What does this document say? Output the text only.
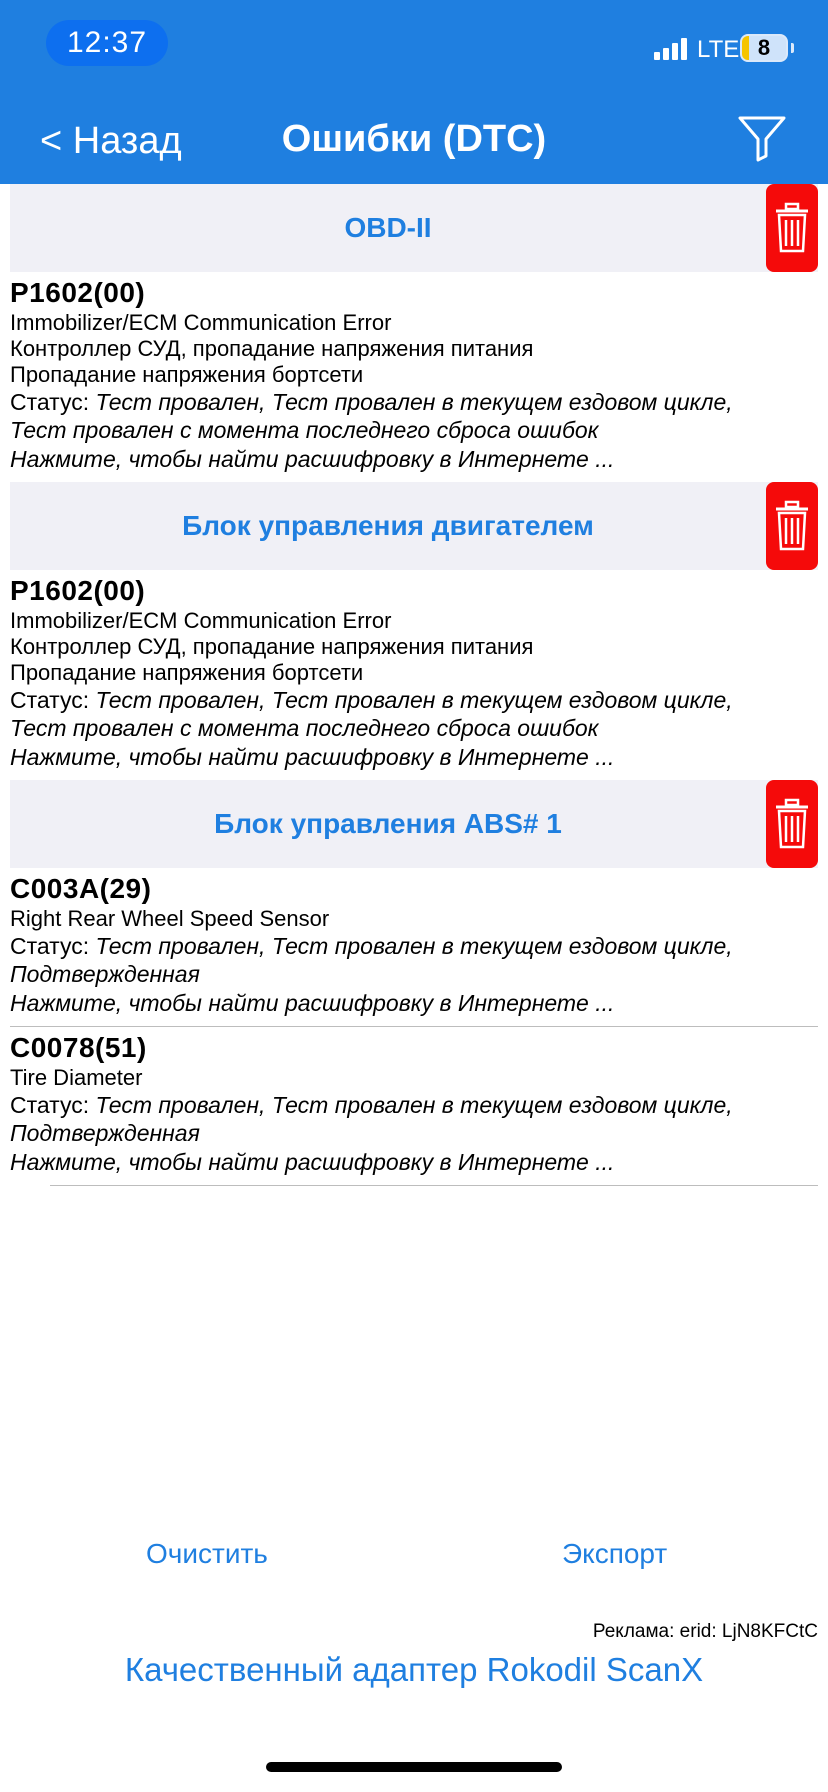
12:37	LTE 8
< Назад	Ошибки (DTC)
OBD-II
P1602(00)
Immobilizer/ECM Communication Error
Контроллер СУД, пропадание напряжения питания
Пропадание напряжения бортсети
Статус: Тест провален, Тест провален в текущем ездовом цикле,
Тест провален с момента последнего сброса ошибок
Нажмите, чтобы найти расшифровку в Интернете ...
Блок управления двигателем
P1602(00)
Immobilizer/ECM Communication Error
Контроллер СУД, пропадание напряжения питания
Пропадание напряжения бортсети
Статус: Тест провален, Тест провален в текущем ездовом цикле,
Тест провален с момента последнего сброса ошибок
Нажмите, чтобы найти расшифровку в Интернете ...
Блок управления ABS# 1
C003A(29)
Right Rear Wheel Speed Sensor
Статус: Тест провален, Тест провален в текущем ездовом цикле,
Подтвержденная
Нажмите, чтобы найти расшифровку в Интернете ...
C0078(51)
Tire Diameter
Статус: Тест провален, Тест провален в текущем ездовом цикле,
Подтвержденная
Нажмите, чтобы найти расшифровку в Интернете ...
Очистить	Экспорт
Реклама: erid: LjN8KFCtC
Качественный адаптер Rokodil ScanX
